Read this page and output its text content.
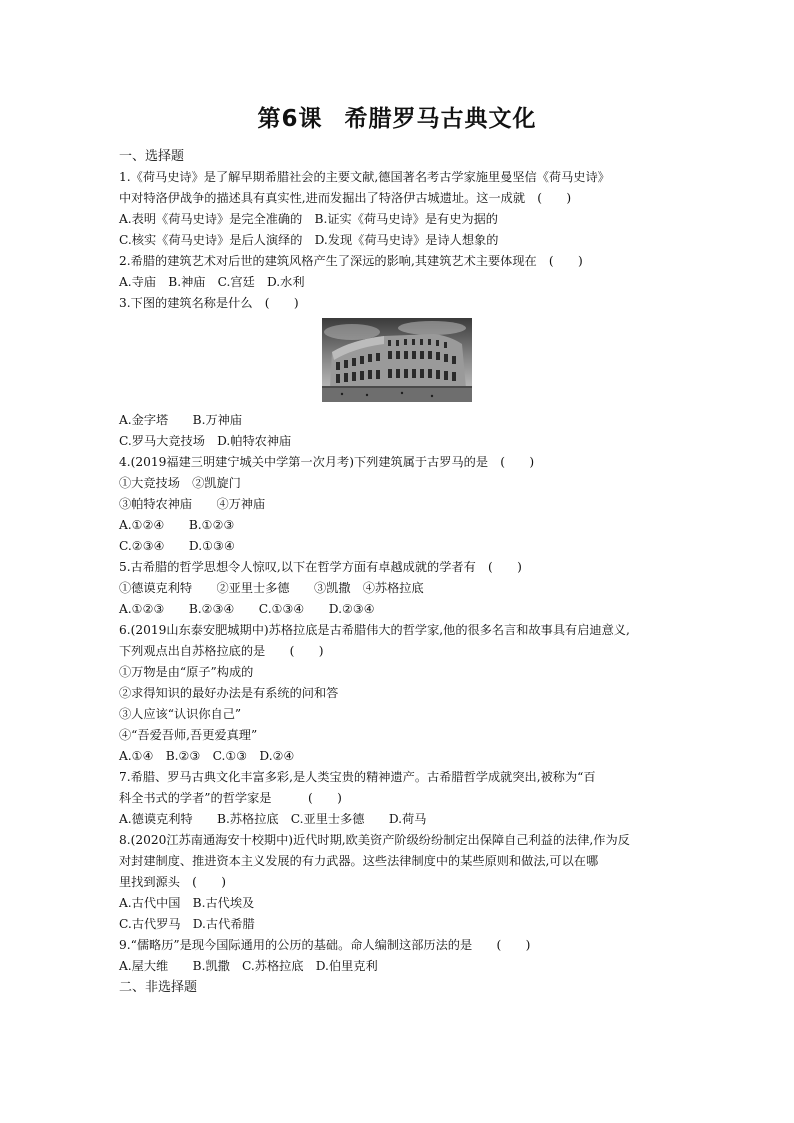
第6课 希腊罗马古典文化
一、选择题
1.《荷马史诗》是了解早期希腊社会的主要文献,德国著名考古学家施里曼坚信《荷马史诗》
中对特洛伊战争的描述具有真实性,进而发掘出了特洛伊古城遗址。这一成就　(　　)
A.表明《荷马史诗》是完全准确的　B.证实《荷马史诗》是有史为据的
C.核实《荷马史诗》是后人演绎的　D.发现《荷马史诗》是诗人想象的
2.希腊的建筑艺术对后世的建筑风格产生了深远的影响,其建筑艺术主要体现在　(　　)
A.寺庙　B.神庙　C.宫廷　D.水利
3.下图的建筑名称是什么　(　　)
A.金字塔　　B.万神庙
C.罗马大竞技场　D.帕特农神庙
4.(2019福建三明建宁城关中学第一次月考)下列建筑属于古罗马的是　(　　)
①大竞技场　②凯旋门
③帕特农神庙　　④万神庙
A.①②④　　B.①②③
C.②③④　　D.①③④
5.古希腊的哲学思想令人惊叹,以下在哲学方面有卓越成就的学者有　(　　)
①德谟克利特　　②亚里士多德　　③凯撒　④苏格拉底
A.①②③　　B.②③④　　C.①③④　　D.②③④
6.(2019山东泰安肥城期中)苏格拉底是古希腊伟大的哲学家,他的很多名言和故事具有启迪意义,
下列观点出自苏格拉底的是　　(　　)
①万物是由“原子”构成的
②求得知识的最好办法是有系统的问和答
③人应该“认识你自己”
④“吾爱吾师,吾更爱真理”
A.①④　B.②③　C.①③　D.②④
7.希腊、罗马古典文化丰富多彩,是人类宝贵的精神遗产。古希腊哲学成就突出,被称为“百
科全书式的学者”的哲学家是　　　(　　)
A.德谟克利特　　B.苏格拉底　C.亚里士多德　　D.荷马
8.(2020江苏南通海安十校期中)近代时期,欧美资产阶级纷纷制定出保障自己利益的法律,作为反
对封建制度、推进资本主义发展的有力武器。这些法律制度中的某些原则和做法,可以在哪
里找到源头　(　　)
A.古代中国　B.古代埃及
C.古代罗马　D.古代希腊
9.“儒略历”是现今国际通用的公历的基础。命人编制这部历法的是　　(　　)
A.屋大维　　B.凯撒　C.苏格拉底　D.伯里克利
二、非选择题
